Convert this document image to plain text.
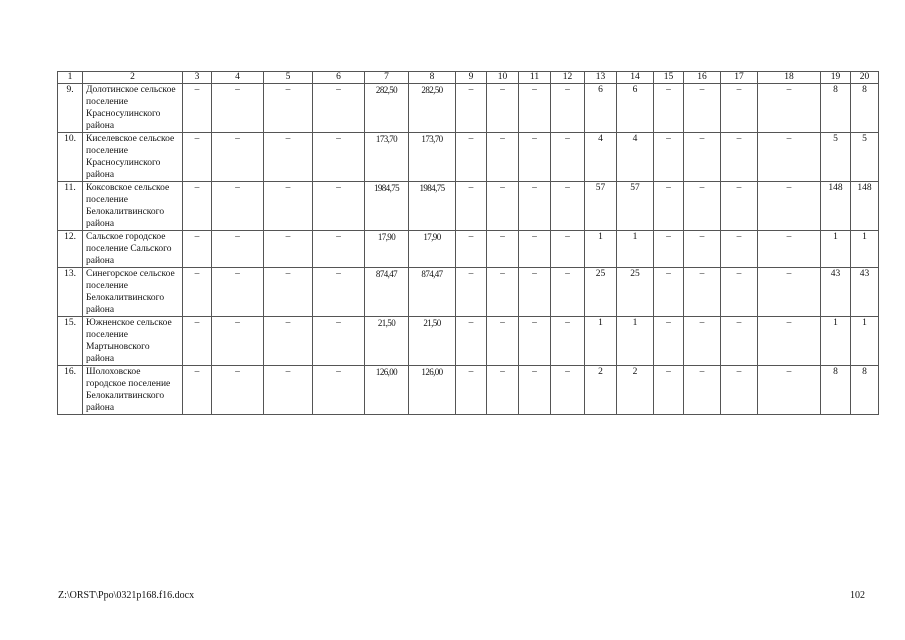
1	2	3	4	5	6	7	8	9	10	11	12	13	14	15	16	17	18	19	20
9.	Долотинское сельское поселение Красносулинского района	–	–	–	–	282,50	282,50	–	–	–	–	6	6	–	–	–	–	8	8
10.	Киселевское сельское поселение Красносулинского района	–	–	–	–	173,70	173,70	–	–	–	–	4	4	–	–	–	–	5	5
11.	Коксовское сельское поселение Белокалитвинского района	–	–	–	–	1984,75	1984,75	–	–	–	–	57	57	–	–	–	–	148	148
12.	Сальское городское поселение Сальского района	–	–	–	–	17,90	17,90	–	–	–	–	1	1	–	–	–	–	1	1
13.	Синегорское сельское поселение Белокалитвинского района	–	–	–	–	874,47	874,47	–	–	–	–	25	25	–	–	–	–	43	43
15.	Южненское сельское поселение Мартыновского района	–	–	–	–	21,50	21,50	–	–	–	–	1	1	–	–	–	–	1	1
16.	Шолоховское городское поселение Белокалитвинского района	–	–	–	–	126,00	126,00	–	–	–	–	2	2	–	–	–	–	8	8
Z:\ORST\Ppo\0321p168.f16.docx	102
